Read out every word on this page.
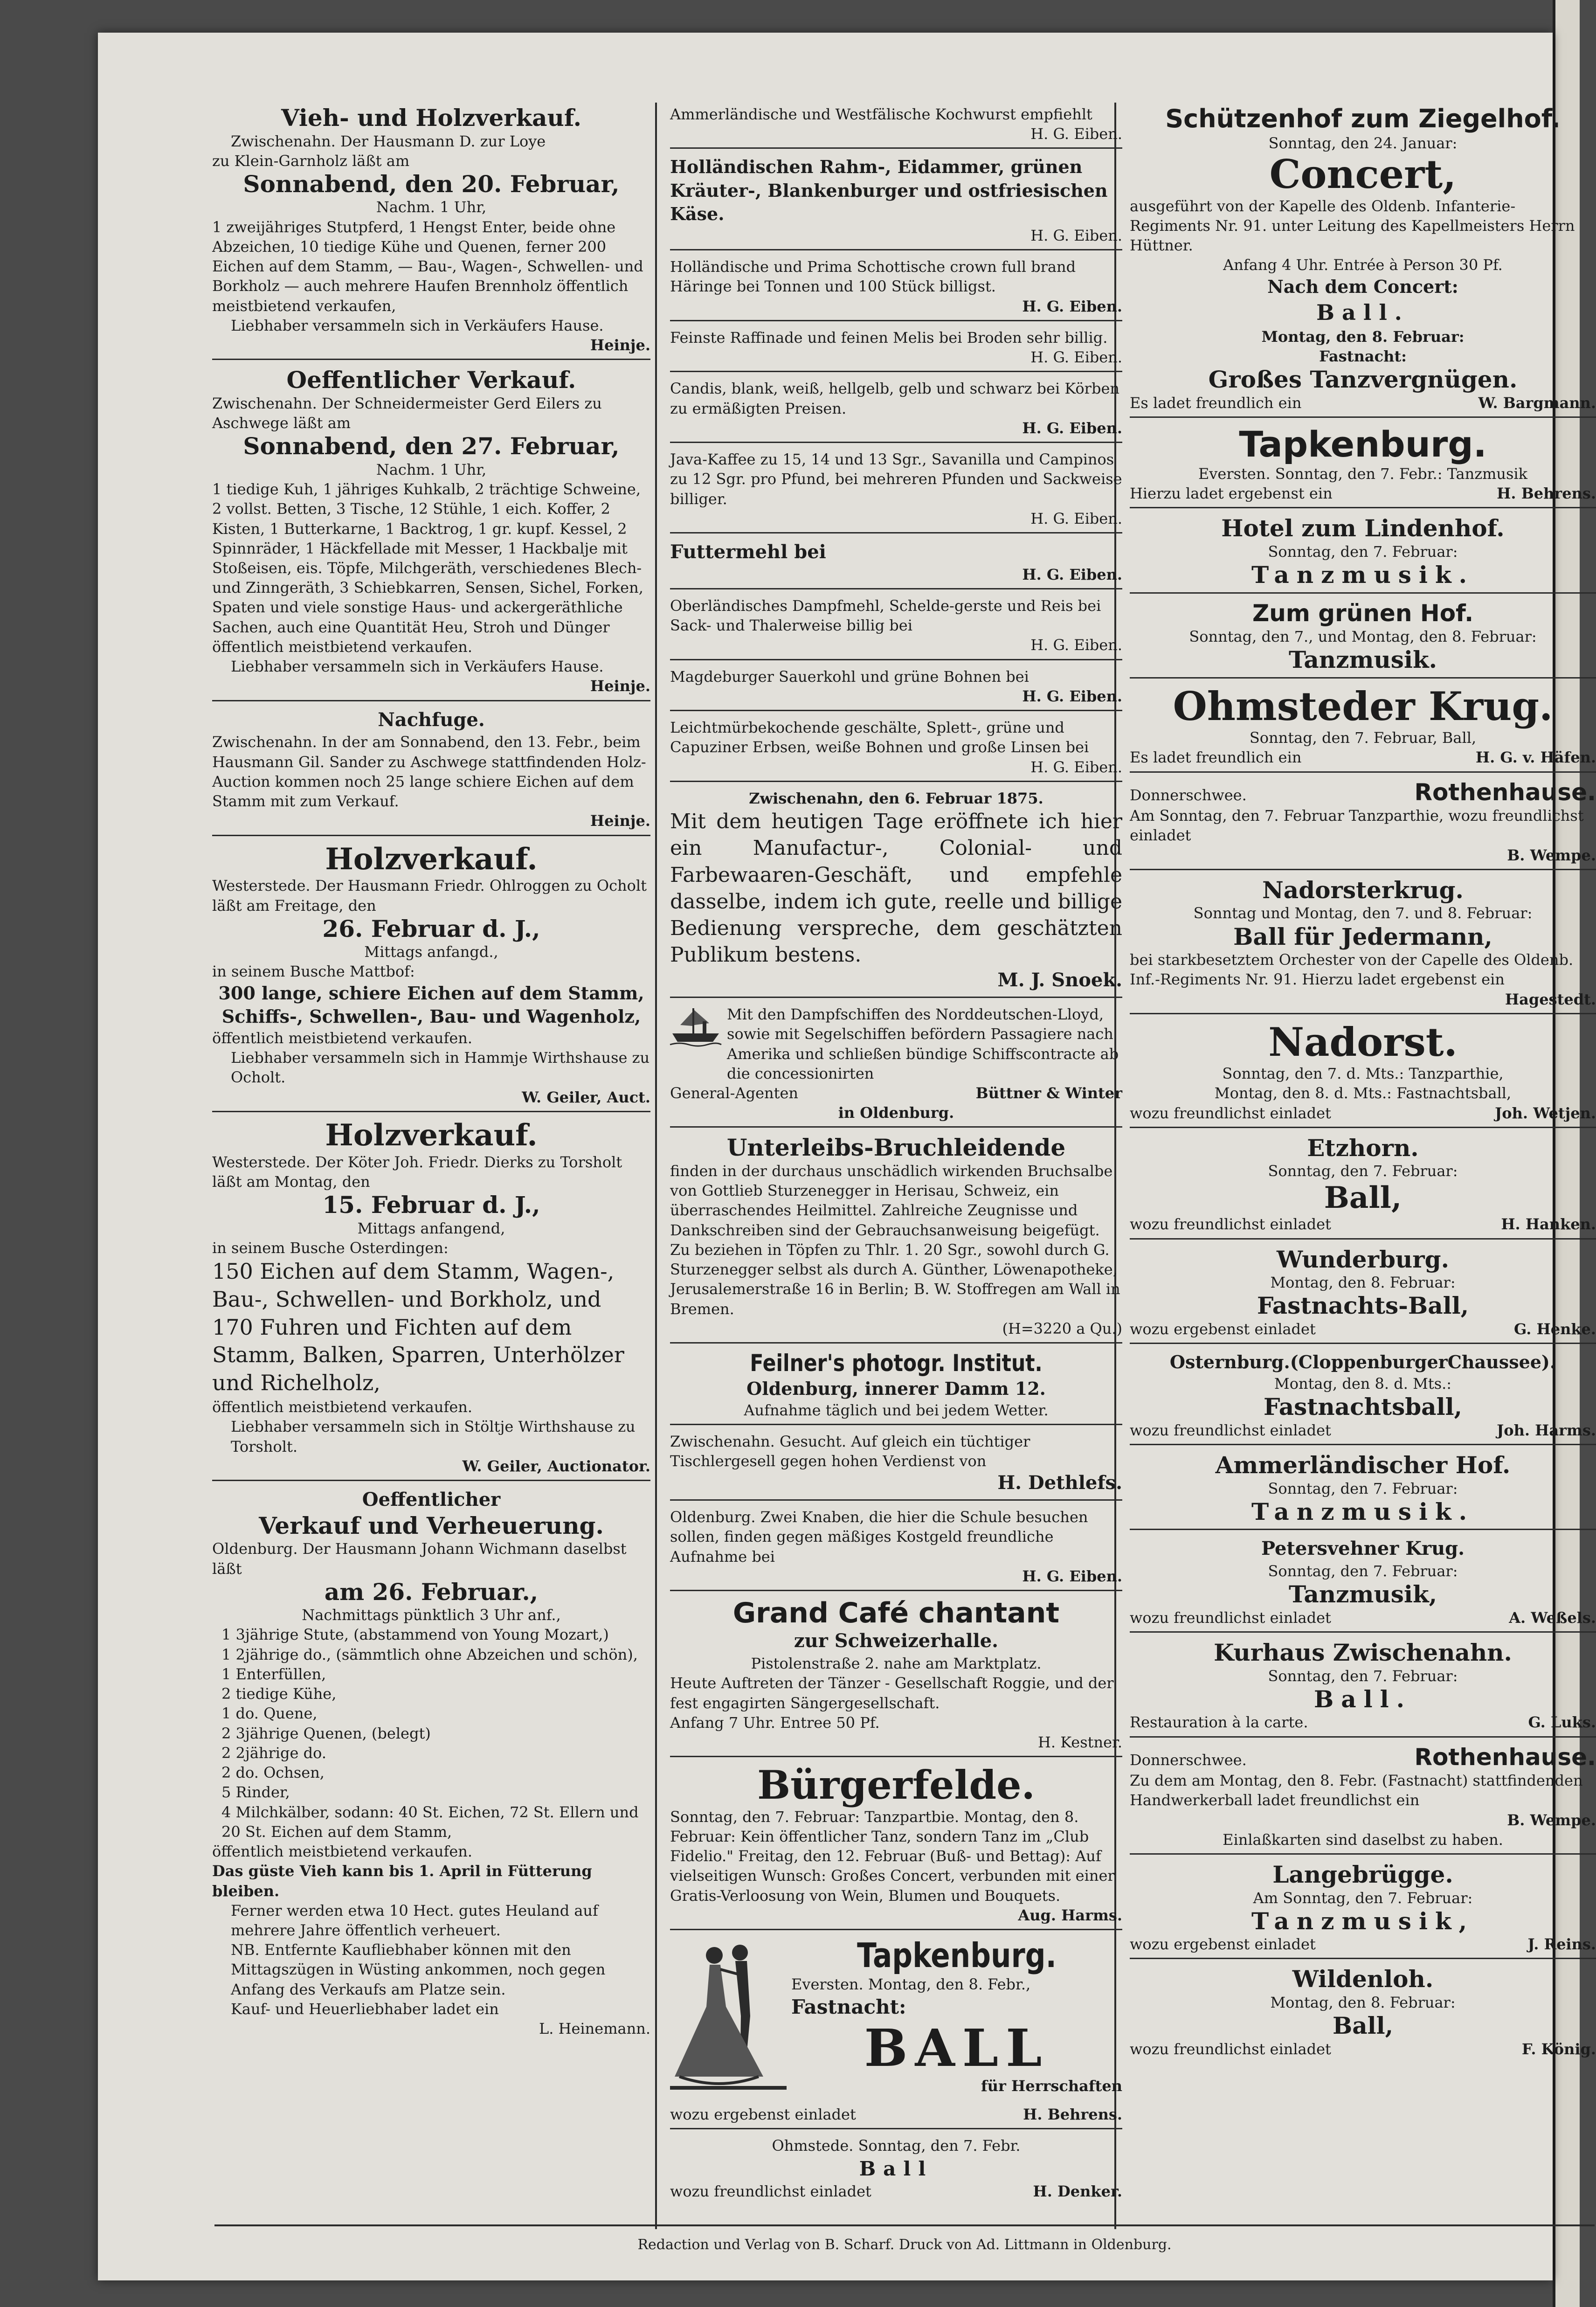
Vieh- und Holzverkauf.

Zwischenahn. Der Hausmann D. zur Loye

zu Klein-Garnholz läßt am

Sonnabend, den 20. Februar,

Nachm. 1 Uhr,

1 zweijähriges Stutpferd, 1 Hengst Enter, beide ohne Abzeichen, 10 tiedige Kühe und Quenen, ferner 200 Eichen auf dem Stamm, — Bau-, Wagen-, Schwellen- und Borkholz — auch mehrere Haufen Brennholz öffentlich meistbietend verkaufen,

Liebhaber versammeln sich in Verkäufers Hause.

Heinje.

Oeffentlicher Verkauf.

Zwischenahn. Der Schneidermeister Gerd Eilers zu Aschwege läßt am

Sonnabend, den 27. Februar,

Nachm. 1 Uhr,

1 tiedige Kuh, 1 jähriges Kuhkalb, 2 trächtige Schweine, 2 vollst. Betten, 3 Tische, 12 Stühle, 1 eich. Koffer, 2 Kisten, 1 Butterkarne, 1 Backtrog, 1 gr. kupf. Kessel, 2 Spinnräder, 1 Häckfellade mit Messer, 1 Hackbalje mit Stoßeisen, eis. Töpfe, Milchgeräth, verschiedenes Blech- und Zinngeräth, 3 Schiebkarren, Sensen, Sichel, Forken, Spaten und viele sonstige Haus- und ackergeräthliche Sachen, auch eine Quantität Heu, Stroh und Dünger öffentlich meistbietend verkaufen.

Liebhaber versammeln sich in Verkäufers Hause.

Heinje.

Nachfuge.

Zwischenahn. In der am Sonnabend, den 13. Febr., beim Hausmann Gil. Sander zu Aschwege stattfindenden Holz- Auction kommen noch 25 lange schiere Eichen auf dem Stamm mit zum Verkauf.

Heinje.

Holzverkauf.

Westerstede. Der Hausmann Friedr. Ohlroggen zu Ocholt läßt am Freitage, den

26. Februar d. J.,

Mittags anfangd.,

in seinem Busche Mattbof:

300 lange, schiere Eichen auf dem Stamm, Schiffs-, Schwellen-, Bau- und Wagenholz,

öffentlich meistbietend verkaufen.

Liebhaber versammeln sich in Hammje Wirthshause zu Ocholt.

W. Geiler, Auct.

Holzverkauf.

Westerstede. Der Köter Joh. Friedr. Dierks zu Torsholt läßt am Montag, den

15. Februar d. J.,

Mittags anfangend,

in seinem Busche Osterdingen:

150 Eichen auf dem Stamm, Wagen-, Bau-, Schwellen- und Borkholz, und

170 Fuhren und Fichten auf dem Stamm, Balken, Sparren, Unterhölzer und Richelholz,

öffentlich meistbietend verkaufen.

Liebhaber versammeln sich in Stöltje Wirthshause zu Torsholt.

W. Geiler, Auctionator.

Oeffentlicher
Verkauf und Verheuerung.

Oldenburg. Der Hausmann Johann Wichmann daselbst läßt

am 26. Februar.,

Nachmittags pünktlich 3 Uhr anf.,

1 3jährige Stute, (abstammend von Young Mozart,)

1 2jährige do., (sämmtlich ohne Abzeichen und schön),

1 Enterfüllen,

2 tiedige Kühe,

1 do. Quene,

2 3jährige Quenen, (belegt)

2 2jährige do.

2 do. Ochsen,

5 Rinder,

4 Milchkälber, sodann: 40 St. Eichen, 72 St. Ellern und 20 St. Eichen auf dem Stamm,

öffentlich meistbietend verkaufen.

Das güste Vieh kann bis 1. April in Fütterung bleiben.

Ferner werden etwa 10 Hect. gutes Heuland auf mehrere Jahre öffentlich verheuert.

NB. Entfernte Kaufliebhaber können mit den Mittagszügen in Wüsting ankommen, noch gegen Anfang des Verkaufs am Platze sein.

Kauf- und Heuerliebhaber ladet ein

L. Heinemann.

Ammerländische und Westfälische Kochwurst empfiehlt

H. G. Eiben.

Holländischen Rahm-, Eidammer, grünen Kräuter-, Blankenburger und ostfriesischen Käse.

H. G. Eiben.

Holländische und Prima Schottische crown full brand Häringe bei Tonnen und 100 Stück billigst.

H. G. Eiben.

Feinste Raffinade und feinen Melis bei Broden sehr billig.

H. G. Eiben.

Candis, blank, weiß, hellgelb, gelb und schwarz bei Körben zu ermäßigten Preisen.

H. G. Eiben.

Java-Kaffee zu 15, 14 und 13 Sgr., Savanilla und Campinos zu 12 Sgr. pro Pfund, bei mehreren Pfunden und Sackweise billiger.

H. G. Eiben.

Futtermehl bei

H. G. Eiben.

Oberländisches Dampfmehl, Schelde-gerste und Reis bei Sack- und Thalerweise billig bei

H. G. Eiben.

Magdeburger Sauerkohl und grüne Bohnen bei

H. G. Eiben.

Leichtmürbekochende geschälte, Splett-, grüne und Capuziner Erbsen, weiße Bohnen und große Linsen bei

H. G. Eiben.

Zwischenahn, den 6. Februar 1875.

Mit dem heutigen Tage eröffnete ich hier ein Manufactur-, Colonial- und Farbewaaren-Geschäft, und empfehle dasselbe, indem ich gute, reelle und billige Bedienung verspreche, dem geschätzten Publikum bestens.

M. J. Snoek.

Mit den Dampfschiffen des Norddeutschen-Lloyd, sowie mit Segelschiffen befördern Passagiere nach Amerika und schließen bündige Schiffscontracte ab die concessionirten

General-Agenten	Büttner & Winter

in Oldenburg.

Unterleibs-Bruchleidende

finden in der durchaus unschädlich wirkenden Bruchsalbe von Gottlieb Sturzenegger in Herisau, Schweiz, ein überraschendes Heilmittel. Zahlreiche Zeugnisse und Dankschreiben sind der Gebrauchsanweisung beigefügt. Zu beziehen in Töpfen zu Thlr. 1. 20 Sgr., sowohl durch G. Sturzenegger selbst als durch A. Günther, Löwenapotheke, Jerusalemerstraße 16 in Berlin; B. W. Stoffregen am Wall in Bremen.

(H=3220 a Qu.)

Feilner's photogr. Institut.

Oldenburg, innerer Damm 12.

Aufnahme täglich und bei jedem Wetter.

Zwischenahn. Gesucht. Auf gleich ein tüchtiger Tischlergesell gegen hohen Verdienst von

H. Dethlefs.

Oldenburg. Zwei Knaben, die hier die Schule besuchen sollen, finden gegen mäßiges Kostgeld freundliche Aufnahme bei

H. G. Eiben.

Grand Café chantant

zur Schweizerhalle.

Pistolenstraße 2. nahe am Marktplatz.

Heute Auftreten der Tänzer - Gesellschaft Roggie, und der fest engagirten Sängergesellschaft.

Anfang 7 Uhr. Entree 50 Pf.

H. Kestner.

Bürgerfelde.

Sonntag, den 7. Februar: Tanzpartbie. Montag, den 8. Februar: Kein öffentlicher Tanz, sondern Tanz im „Club Fidelio." Freitag, den 12. Februar (Buß- und Bettag): Auf vielseitigen Wunsch: Großes Concert, verbunden mit einer Gratis-Verloosung von Wein, Blumen und Bouquets.

Aug. Harms.

Tapkenburg.

Eversten. Montag, den 8. Febr.,

Fastnacht:

BALL

für Herrschaften

wozu ergebenst einladet	H. Behrens.

Ohmstede. Sonntag, den 7. Febr.

Ball

wozu freundlichst einladet	H. Denker.
Schützenhof zum Ziegelhof.

Sonntag, den 24. Januar:

Concert,

ausgeführt von der Kapelle des Oldenb. Infanterie-Regiments Nr. 91. unter Leitung des Kapellmeisters Herrn Hüttner.

Anfang 4 Uhr. Entrée à Person 30 Pf.

Nach dem Concert:

Ball.

Montag, den 8. Februar:

Fastnacht:

Großes Tanzvergnügen.

Es ladet freundlich ein	W. Bargmann.
Tapkenburg.

Eversten. Sonntag, den 7. Febr.: Tanzmusik

Hierzu ladet ergebenst ein	H. Behrens.
Hotel zum Lindenhof.

Sonntag, den 7. Februar:

Tanzmusik.

Zum grünen Hof.

Sonntag, den 7., und Montag, den 8. Februar:

Tanzmusik.

Ohmsteder Krug.

Sonntag, den 7. Februar, Ball,

Es ladet freundlich ein	H. G. v. Häfen.
Donnerschwee.	Rothenhause.

Am Sonntag, den 7. Februar Tanzparthie, wozu freundlichst einladet

B. Wempe.

Nadorsterkrug.

Sonntag und Montag, den 7. und 8. Februar:

Ball für Jedermann,

bei starkbesetztem Orchester von der Capelle des Oldenb. Inf.-Regiments Nr. 91. Hierzu ladet ergebenst ein

Hagestedt.

Nadorst.

Sonntag, den 7. d. Mts.: Tanzparthie,

Montag, den 8. d. Mts.: Fastnachtsball,

wozu freundlichst einladet	Joh. Wetjen.
Etzhorn.

Sonntag, den 7. Februar:

Ball,

wozu freundlichst einladet	H. Hanken.
Wunderburg.

Montag, den 8. Februar:

Fastnachts-Ball,

wozu ergebenst einladet	G. Henke.
Osternburg.(CloppenburgerChaussee).

Montag, den 8. d. Mts.:

Fastnachtsball,

wozu freundlichst einladet	Joh. Harms.
Ammerländischer Hof.

Sonntag, den 7. Februar:

Tanzmusik.

Petersvehner Krug.

Sonntag, den 7. Februar:

Tanzmusik,

wozu freundlichst einladet	A. Weßels.
Kurhaus Zwischenahn.

Sonntag, den 7. Februar:

Ball.

Restauration à la carte.	G. Luks.
Donnerschwee.	Rothenhause.

Zu dem am Montag, den 8. Febr. (Fastnacht) stattfindenden Handwerkerball ladet freundlichst ein

B. Wempe.

Einlaßkarten sind daselbst zu haben.

Langebrügge.

Am Sonntag, den 7. Februar:

Tanzmusik,

wozu ergebenst einladet	J. Reins.
Wildenloh.

Montag, den 8. Februar:

Ball,

wozu freundlichst einladet	F. König.
Redaction und Verlag von B. Scharf. Druck von Ad. Littmann in Oldenburg.
